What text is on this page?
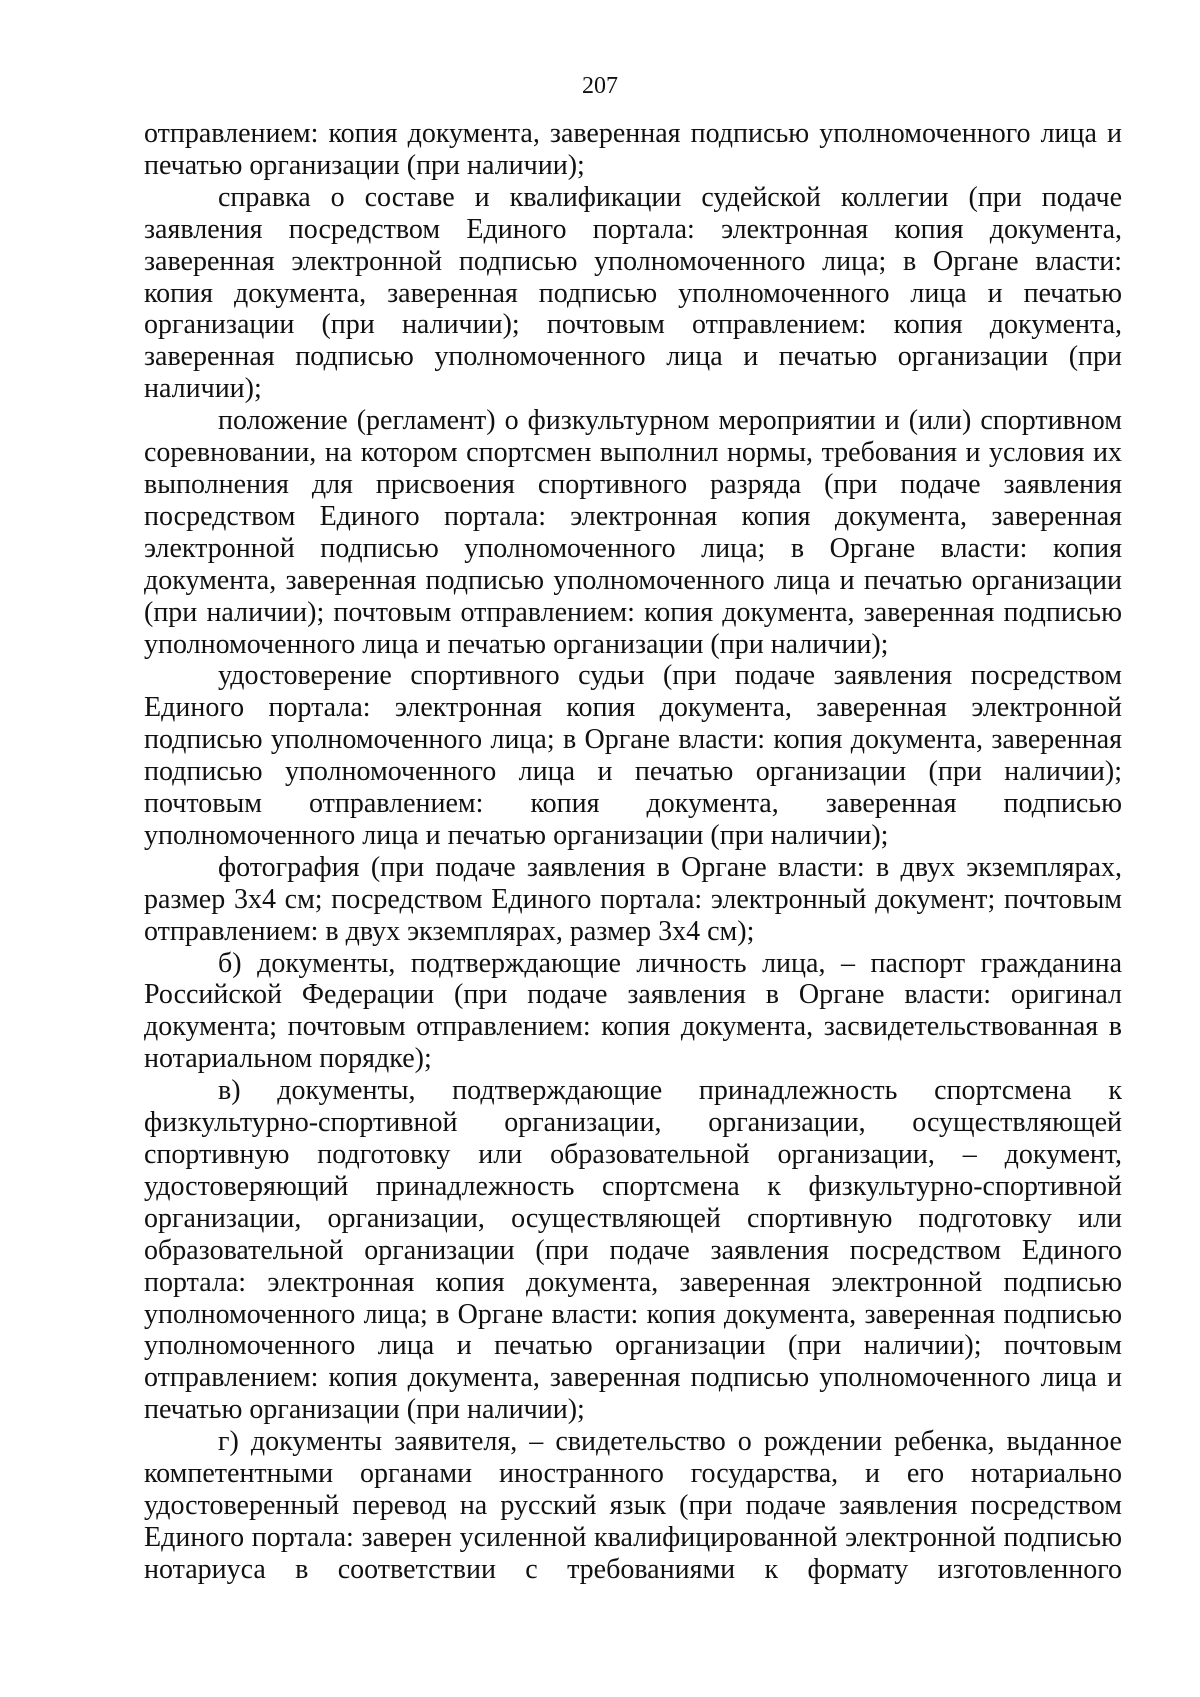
207

отправлением: копия документа, заверенная подписью уполномоченного лица и печатью организации (при наличии);

справка о составе и квалификации судейской коллегии (при подаче заявления посредством Единого портала: электронная копия документа, заверенная электронной подписью уполномоченного лица; в Органе власти: копия документа, заверенная подписью уполномоченного лица и печатью организации (при наличии); почтовым отправлением: копия документа, заверенная подписью уполномоченного лица и печатью организации (при наличии);

положение (регламент) о физкультурном мероприятии и (или) спортивном соревновании, на котором спортсмен выполнил нормы, требования и условия их выполнения для присвоения спортивного разряда (при подаче заявления посредством Единого портала: электронная копия документа, заверенная электронной подписью уполномоченного лица; в Органе власти: копия документа, заверенная подписью уполномоченного лица и печатью организации (при наличии); почтовым отправлением: копия документа, заверенная подписью уполномоченного лица и печатью организации (при наличии);

удостоверение спортивного судьи (при подаче заявления посредством Единого портала: электронная копия документа, заверенная электронной подписью уполномоченного лица; в Органе власти: копия документа, заверенная подписью уполномоченного лица и печатью организации (при наличии); почтовым отправлением: копия документа, заверенная подписью уполномоченного лица и печатью организации (при наличии);

фотография (при подаче заявления в Органе власти: в двух экземплярах, размер 3x4 см; посредством Единого портала: электронный документ; почтовым отправлением: в двух экземплярах, размер 3x4 см);

б) документы, подтверждающие личность лица, – паспорт гражданина Российской Федерации (при подаче заявления в Органе власти: оригинал документа; почтовым отправлением: копия документа, засвидетельствованная в нотариальном порядке);

в) документы, подтверждающие принадлежность спортсмена к физкультурно-спортивной организации, организации, осуществляющей спортивную подготовку или образовательной организации, – документ, удостоверяющий принадлежность спортсмена к физкультурно-спортивной организации, организации, осуществляющей спортивную подготовку или образовательной организации (при подаче заявления посредством Единого портала: электронная копия документа, заверенная электронной подписью уполномоченного лица; в Органе власти: копия документа, заверенная подписью уполномоченного лица и печатью организации (при наличии); почтовым отправлением: копия документа, заверенная подписью уполномоченного лица и печатью организации (при наличии);

г) документы заявителя, – свидетельство о рождении ребенка, выданное компетентными органами иностранного государства, и его нотариально удостоверенный перевод на русский язык (при подаче заявления посредством Единого портала: заверен усиленной квалифицированной электронной подписью нотариуса в соответствии с требованиями к формату изготовленного
